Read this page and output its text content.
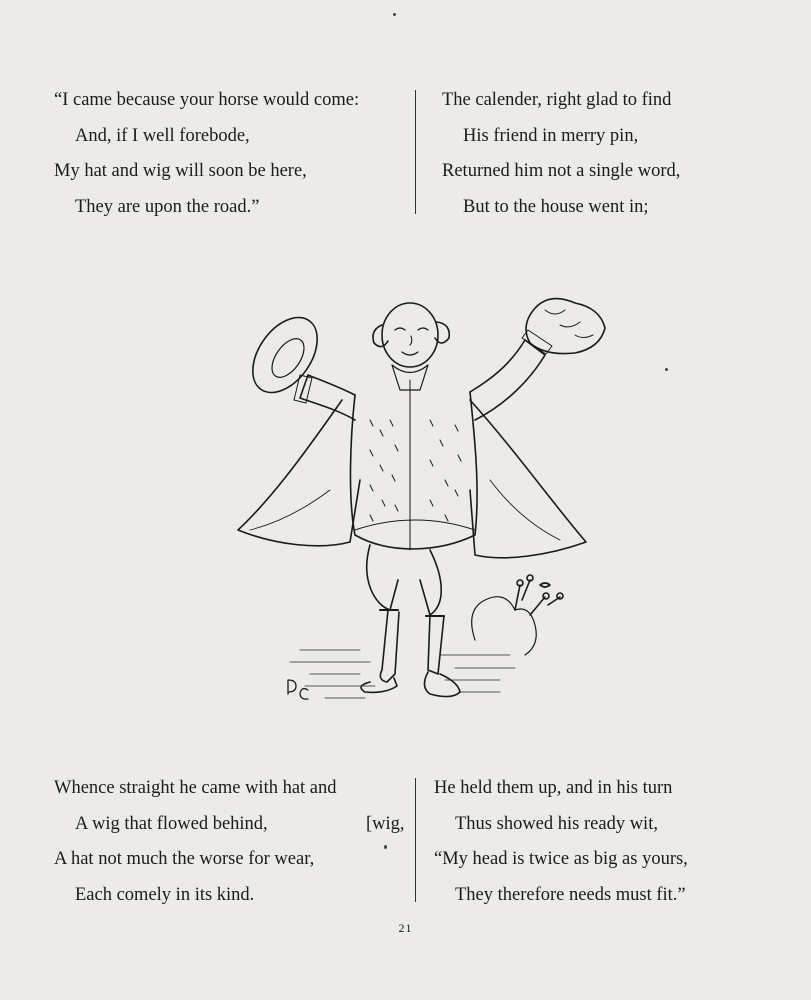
“I came because your horse would come:
And, if I well forebode,
My hat and wig will soon be here,
They are upon the road.”
The calender, right glad to find
His friend in merry pin,
Returned him not a single word,
But to the house went in;
Whence straight he came with hat and
A wig that flowed behind,	[wig,
A hat not much the worse for wear,
Each comely in its kind.
He held them up, and in his turn
Thus showed his ready wit,
“My head is twice as big as yours,
They therefore needs must fit.”
21
